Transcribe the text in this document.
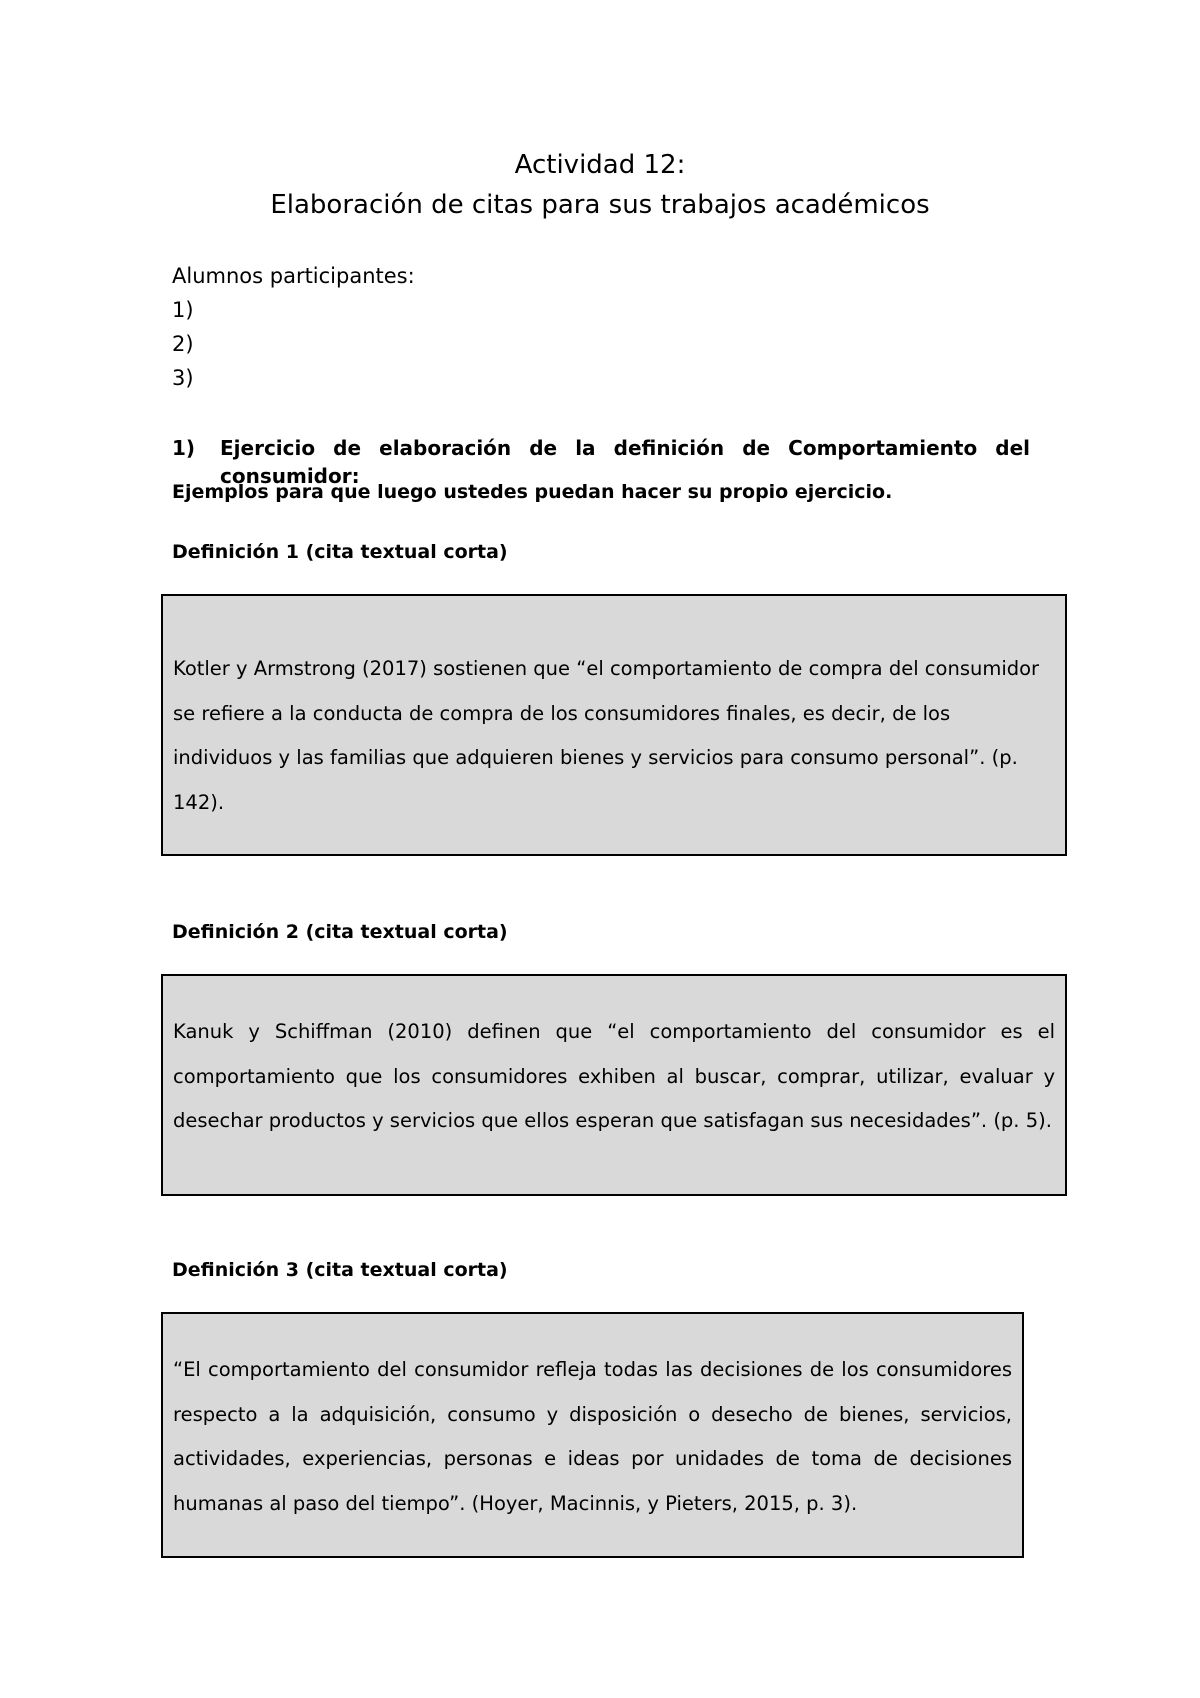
Actividad 12:
Elaboración de citas para sus trabajos académicos
Alumnos participantes:
1)
2)
3)
1) Ejercicio de elaboración de la definición de Comportamiento del consumidor:
Ejemplos para que luego ustedes puedan hacer su propio ejercicio.
Definición 1 (cita textual corta)
Kotler y Armstrong (2017) sostienen que “el comportamiento de compra del consumidor se refiere a la conducta de compra de los consumidores finales, es decir, de los individuos y las familias que adquieren bienes y servicios para consumo personal”. (p. 142).
Definición 2 (cita textual corta)
Kanuk y Schiffman (2010) definen que “el comportamiento del consumidor es el comportamiento que los consumidores exhiben al buscar, comprar, utilizar, evaluar y desechar productos y servicios que ellos esperan que satisfagan sus necesidades”. (p. 5).
Definición 3 (cita textual corta)
“El comportamiento del consumidor refleja todas las decisiones de los consumidores respecto a la adquisición, consumo y disposición o desecho de bienes, servicios, actividades, experiencias, personas e ideas por unidades de toma de decisiones humanas al paso del tiempo”. (Hoyer, Macinnis, y Pieters, 2015, p. 3).
